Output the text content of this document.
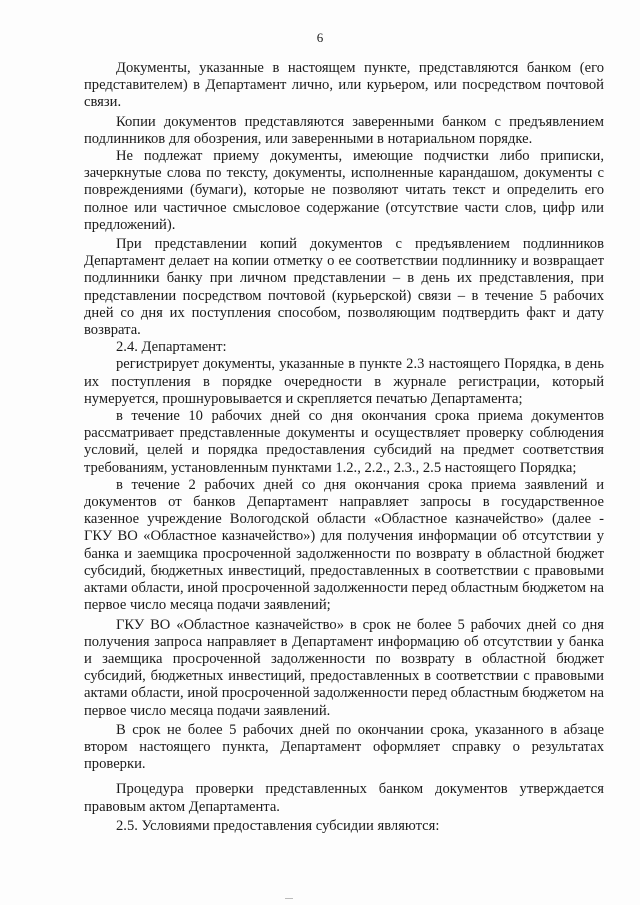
6

Документы, указанные в настоящем пункте, представляются банком (его представителем) в Департамент лично, или курьером, или посредством почтовой связи.

Копии документов представляются заверенными банком с предъявлением подлинников для обозрения, или заверенными в нотариальном порядке.

Не подлежат приему документы, имеющие подчистки либо приписки, зачеркнутые слова по тексту, документы, исполненные карандашом, документы с повреждениями (бумаги), которые не позволяют читать текст и определить его полное или частичное смысловое содержание (отсутствие части слов, цифр или предложений).

При представлении копий документов с предъявлением подлинников Департамент делает на копии отметку о ее соответствии подлиннику и возвращает подлинники банку при личном представлении – в день их представления, при представлении посредством почтовой (курьерской) связи – в течение 5 рабочих дней со дня их поступления способом, позволяющим подтвердить факт и дату возврата.

2.4. Департамент:

регистрирует документы, указанные в пункте 2.3 настоящего Порядка, в день их поступления в порядке очередности в журнале регистрации, который нумеруется, прошнуровывается и скрепляется печатью Департамента;

в течение 10 рабочих дней со дня окончания срока приема документов рассматривает представленные документы и осуществляет проверку соблюдения условий, целей и порядка предоставления субсидий на предмет соответствия требованиям, установленным пунктами 1.2., 2.2., 2.3., 2.5 настоящего Порядка;

в течение 2 рабочих дней со дня окончания срока приема заявлений и документов от банков Департамент направляет запросы в государственное казенное учреждение Вологодской области «Областное казначейство» (далее - ГКУ ВО «Областное казначейство») для получения информации об отсутствии у банка и заемщика просроченной задолженности по возврату в областной бюджет субсидий, бюджетных инвестиций, предоставленных в соответствии с правовыми актами области, иной просроченной задолженности перед областным бюджетом на первое число месяца подачи заявлений;

ГКУ ВО «Областное казначейство» в срок не более 5 рабочих дней со дня получения запроса направляет в Департамент информацию об отсутствии у банка и заемщика просроченной задолженности по возврату в областной бюджет субсидий, бюджетных инвестиций, предоставленных в соответствии с правовыми актами области, иной просроченной задолженности перед областным бюджетом на первое число месяца подачи заявлений.

В срок не более 5 рабочих дней по окончании срока, указанного в абзаце втором настоящего пункта, Департамент оформляет справку о результатах проверки.

Процедура проверки представленных банком документов утверждается правовым актом Департамента.

2.5. Условиями предоставления субсидии являются:
